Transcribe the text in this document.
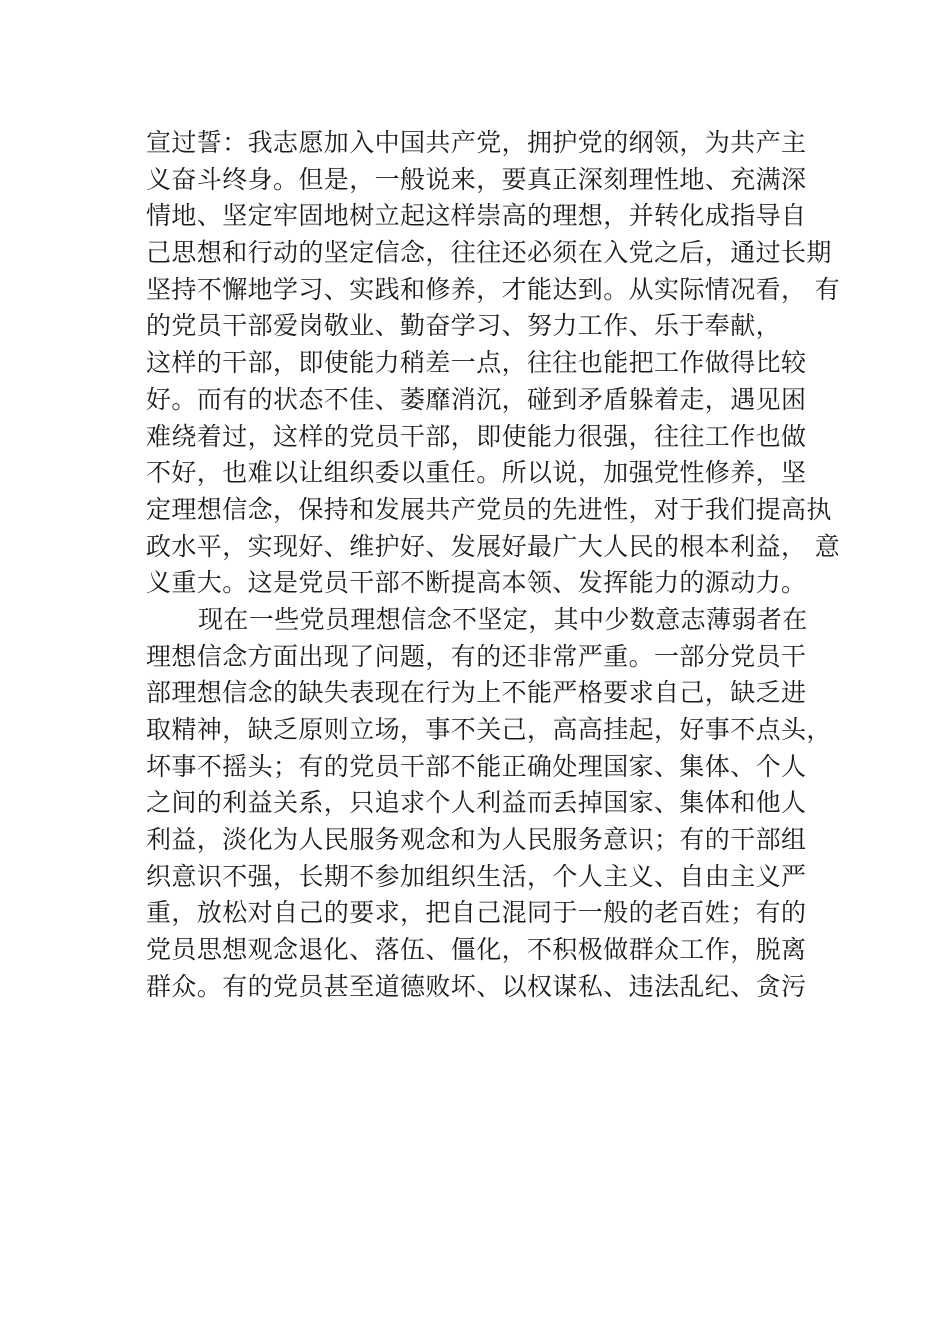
宣过誓：我志愿加入中国共产党，拥护党的纲领，为共产主
义奋斗终身。但是，一般说来，要真正深刻理性地、充满深
情地、坚定牢固地树立起这样崇高的理想，并转化成指导自
己思想和行动的坚定信念，往往还必须在入党之后，通过长期
坚持不懈地学习、实践和修养，才能达到。从实际情况看， 有
的党员干部爱岗敬业、勤奋学习、努力工作、乐于奉献，
这样的干部，即使能力稍差一点，往往也能把工作做得比较
好。而有的状态不佳、萎靡消沉，碰到矛盾躲着走，遇见困
难绕着过，这样的党员干部，即使能力很强，往往工作也做
不好，也难以让组织委以重任。所以说，加强党性修养，坚
定理想信念，保持和发展共产党员的先进性，对于我们提高执
政水平，实现好、维护好、发展好最广大人民的根本利益， 意
义重大。这是党员干部不断提高本领、发挥能力的源动力。
现在一些党员理想信念不坚定，其中少数意志薄弱者在
理想信念方面出现了问题，有的还非常严重。一部分党员干
部理想信念的缺失表现在行为上不能严格要求自己，缺乏进
取精神，缺乏原则立场，事不关己，高高挂起，好事不点头，
坏事不摇头；有的党员干部不能正确处理国家、集体、个人
之间的利益关系，只追求个人利益而丢掉国家、集体和他人
利益，淡化为人民服务观念和为人民服务意识；有的干部组
织意识不强，长期不参加组织生活，个人主义、自由主义严
重，放松对自己的要求，把自己混同于一般的老百姓；有的
党员思想观念退化、落伍、僵化，不积极做群众工作，脱离
群众。有的党员甚至道德败坏、以权谋私、违法乱纪、贪污
